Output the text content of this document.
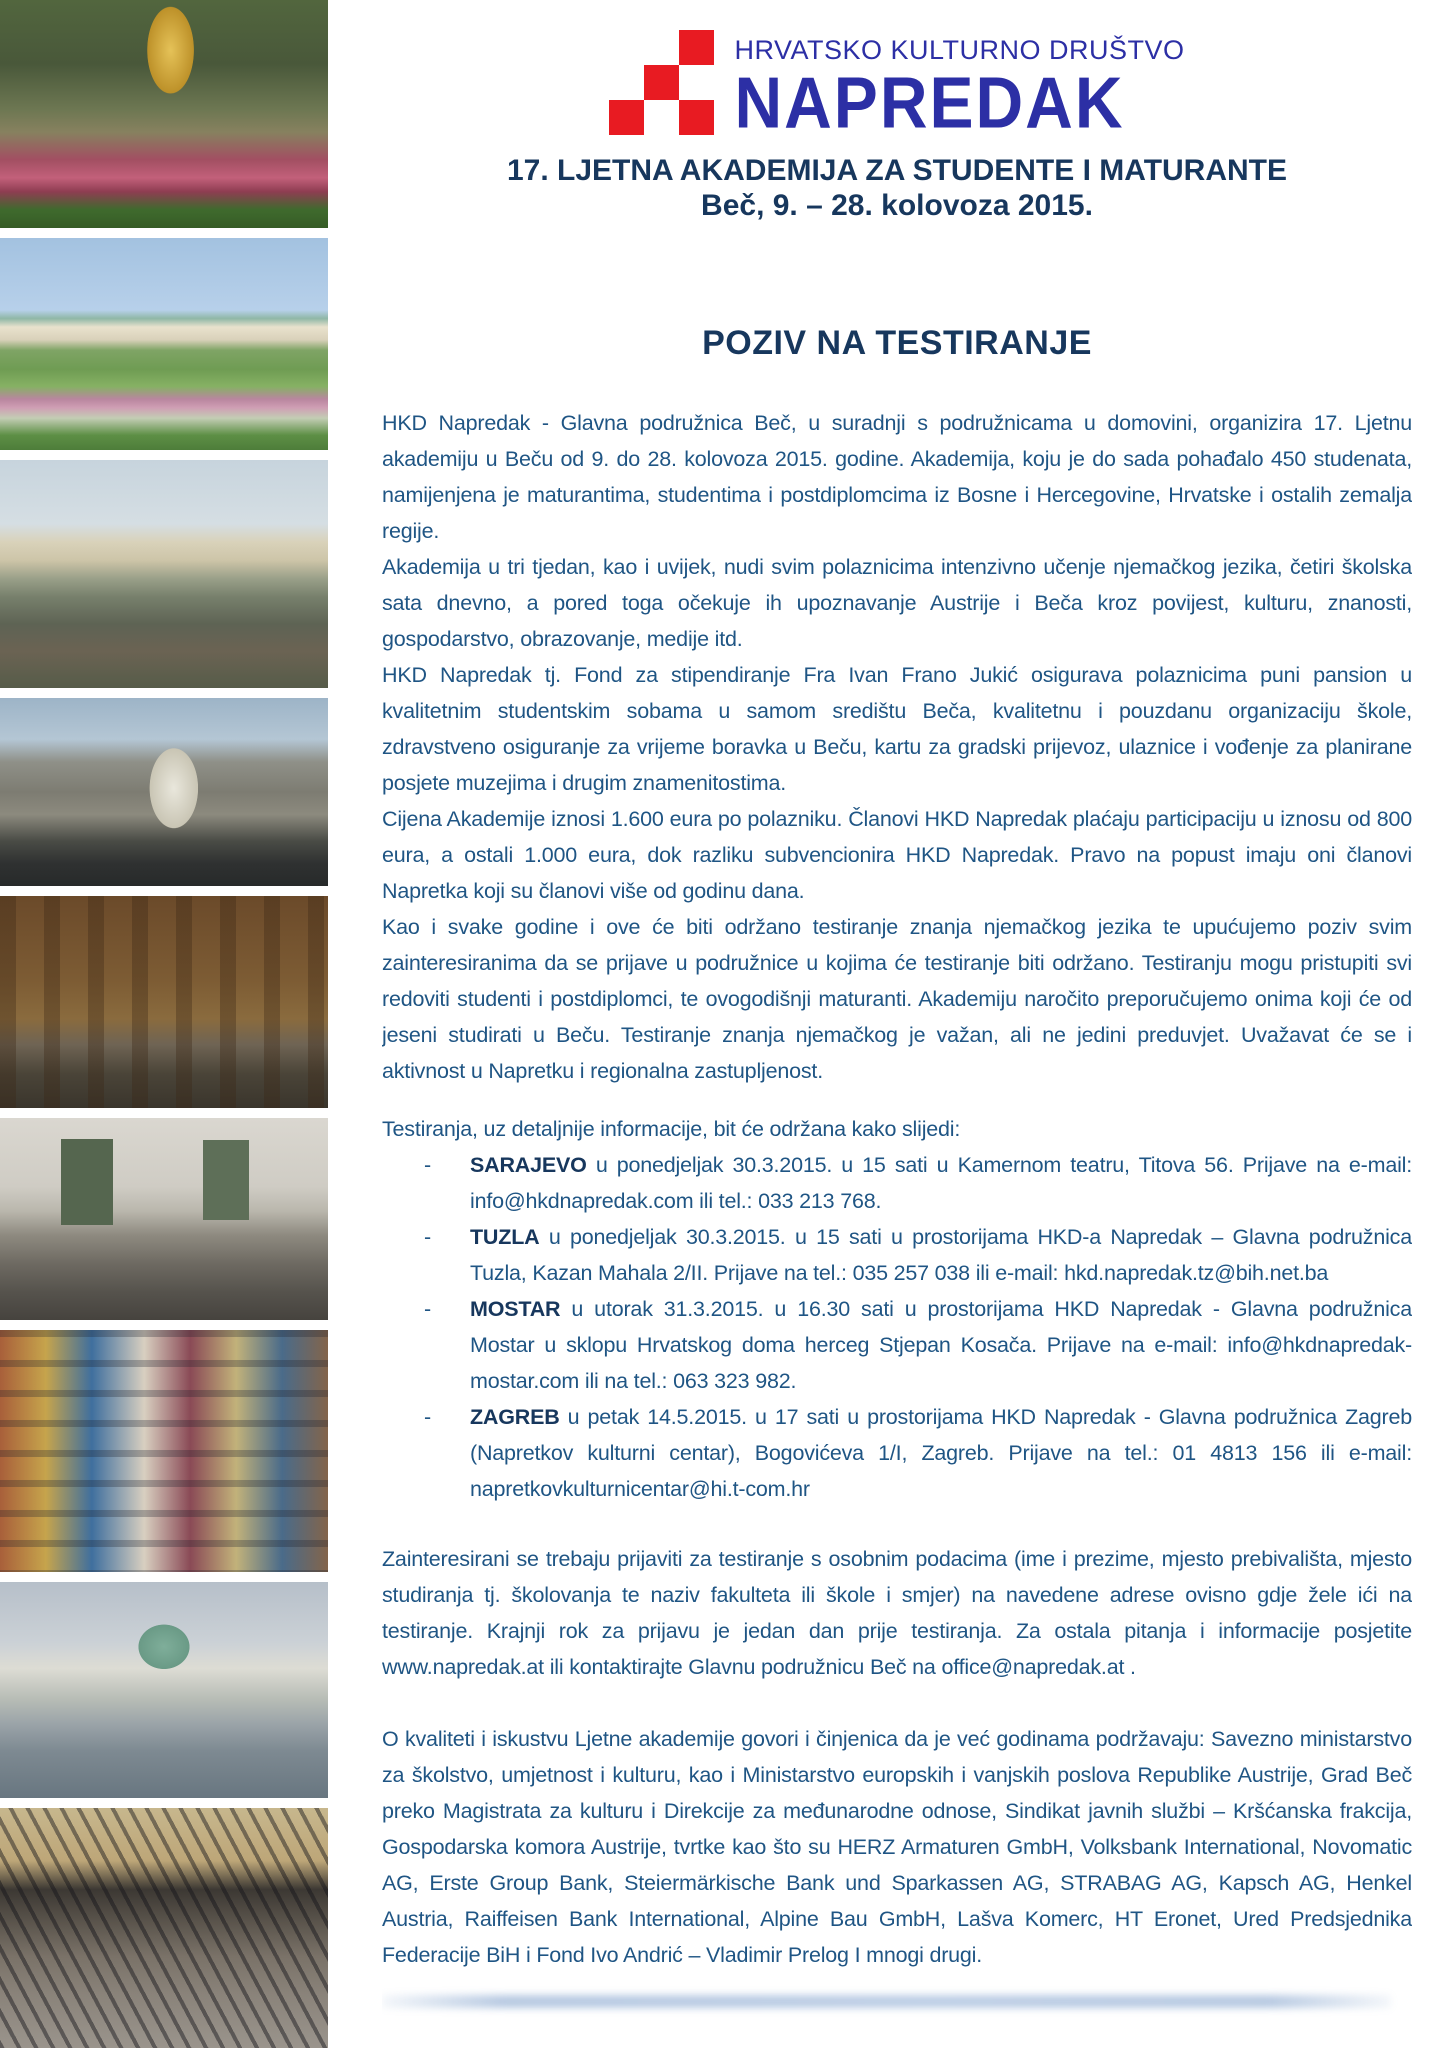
HRVATSKO KULTURNO DRUŠTVO
NAPREDAK
17. LJETNA AKADEMIJA ZA STUDENTE I MATURANTE
Beč, 9. – 28. kolovoza 2015.
POZIV NA TESTIRANJE

HKD Napredak - Glavna podružnica Beč, u suradnji s podružnicama u domovini, organizira 17. Ljetnu akademiju u Beču od 9. do 28. kolovoza 2015. godine. Akademija, koju je do sada pohađalo 450 studenata, namijenjena je maturantima, studentima i postdiplomcima iz Bosne i Hercegovine, Hrvatske i ostalih zemalja regije.

Akademija u tri tjedan, kao i uvijek, nudi svim polaznicima intenzivno učenje njemačkog jezika, četiri školska sata dnevno, a pored toga očekuje ih upoznavanje Austrije i Beča kroz povijest, kulturu, znanosti, gospodarstvo, obrazovanje, medije itd.

HKD Napredak tj. Fond za stipendiranje Fra Ivan Frano Jukić osigurava polaznicima puni pansion u kvalitetnim studentskim sobama u samom središtu Beča, kvalitetnu i pouzdanu organizaciju škole, zdravstveno osiguranje za vrijeme boravka u Beču, kartu za gradski prijevoz, ulaznice i vođenje za planirane posjete muzejima i drugim znamenitostima.

Cijena Akademije iznosi 1.600 eura po polazniku. Članovi HKD Napredak plaćaju participaciju u iznosu od 800 eura, a ostali 1.000 eura, dok razliku subvencionira HKD Napredak. Pravo na popust imaju oni članovi Napretka koji su članovi više od godinu dana.

Kao i svake godine i ove će biti održano testiranje znanja njemačkog jezika te upućujemo poziv svim zainteresiranima da se prijave u podružnice u kojima će testiranje biti održano. Testiranju mogu pristupiti svi redoviti studenti i postdiplomci, te ovogodišnji maturanti. Akademiju naročito preporučujemo onima koji će od jeseni studirati u Beču. Testiranje znanja njemačkog je važan, ali ne jedini preduvjet. Uvažavat će se i aktivnost u Napretku i regionalna zastupljenost.

Testiranja, uz detaljnije informacije, bit će održana kako slijedi:

- SARAJEVO u ponedjeljak 30.3.2015. u 15 sati u Kamernom teatru, Titova 56. Prijave na e-mail: info@hkdnapredak.com ili tel.: 033 213 768.
- TUZLA u ponedjeljak 30.3.2015. u 15 sati u prostorijama HKD-a Napredak – Glavna podružnica Tuzla, Kazan Mahala 2/II. Prijave na tel.: 035 257 038 ili e-mail: hkd.napredak.tz@bih.net.ba
- MOSTAR u utorak 31.3.2015. u 16.30 sati u prostorijama HKD Napredak - Glavna podružnica Mostar u sklopu Hrvatskog doma herceg Stjepan Kosača. Prijave na e-mail: info@hkdnapredak-mostar.com ili na tel.: 063 323 982.
- ZAGREB u petak 14.5.2015. u 17 sati u prostorijama HKD Napredak - Glavna podružnica Zagreb (Napretkov kulturni centar), Bogovićeva 1/I, Zagreb. Prijave na tel.: 01 4813 156 ili e-mail: napretkovkulturnicentar@hi.t-com.hr

Zainteresirani se trebaju prijaviti za testiranje s osobnim podacima (ime i prezime, mjesto prebivališta, mjesto studiranja tj. školovanja te naziv fakulteta ili škole i smjer) na navedene adrese ovisno gdje žele ići na testiranje. Krajnji rok za prijavu je jedan dan prije testiranja. Za ostala pitanja i informacije posjetite www.napredak.at ili kontaktirajte Glavnu podružnicu Beč na office@napredak.at .

O kvaliteti i iskustvu Ljetne akademije govori i činjenica da je već godinama podržavaju: Savezno ministarstvo za školstvo, umjetnost i kulturu, kao i Ministarstvo europskih i vanjskih poslova Republike Austrije, Grad Beč preko Magistrata za kulturu i Direkcije za međunarodne odnose, Sindikat javnih službi – Kršćanska frakcija, Gospodarska komora Austrije, tvrtke kao što su HERZ Armaturen GmbH, Volksbank International, Novomatic AG, Erste Group Bank, Steiermärkische Bank und Sparkassen AG, STRABAG AG, Kapsch AG, Henkel Austria, Raiffeisen Bank International, Alpine Bau GmbH, Lašva Komerc, HT Eronet, Ured Predsjednika Federacije BiH i Fond Ivo Andrić – Vladimir Prelog I mnogi drugi.
